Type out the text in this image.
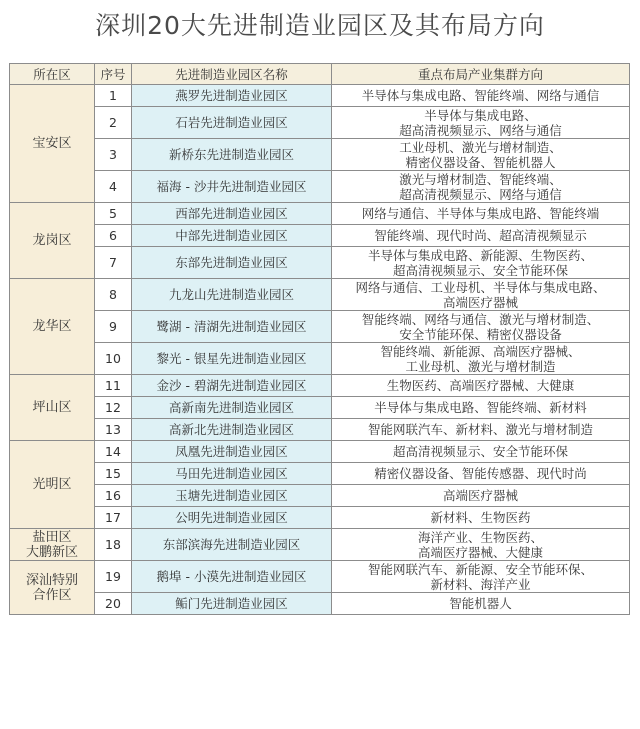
深圳20大先进制造业园区及其布局方向
所在区	序号	先进制造业园区名称	重点布局产业集群方向

宝安区	1	燕罗先进制造业园区	半导体与集成电路、智能终端、网络与通信

	2	石岩先进制造业园区	半导体与集成电路、
超高清视频显示、网络与通信

	3	新桥东先进制造业园区	工业母机、激光与增材制造、
精密仪器设备、智能机器人

	4	福海 - 沙井先进制造业园区	激光与增材制造、智能终端、
超高清视频显示、网络与通信

龙岗区	5	西部先进制造业园区	网络与通信、半导体与集成电路、智能终端

	6	中部先进制造业园区	智能终端、现代时尚、超高清视频显示

	7	东部先进制造业园区	半导体与集成电路、新能源、生物医药、
超高清视频显示、安全节能环保

龙华区	8	九龙山先进制造业园区	网络与通信、工业母机、半导体与集成电路、
高端医疗器械

	9	鹭湖 - 清湖先进制造业园区	智能终端、网络与通信、激光与增材制造、
安全节能环保、精密仪器设备

	10	黎光 - 银星先进制造业园区	智能终端、新能源、高端医疗器械、
工业母机、激光与增材制造

坪山区	11	金沙 - 碧湖先进制造业园区	生物医药、高端医疗器械、大健康

	12	高新南先进制造业园区	半导体与集成电路、智能终端、新材料

	13	高新北先进制造业园区	智能网联汽车、新材料、激光与增材制造

光明区	14	凤凰先进制造业园区	超高清视频显示、安全节能环保

	15	马田先进制造业园区	精密仪器设备、智能传感器、现代时尚

	16	玉塘先进制造业园区	高端医疗器械

	17	公明先进制造业园区	新材料、生物医药

盐田区
大鹏新区	18	东部滨海先进制造业园区	海洋产业、生物医药、
高端医疗器械、大健康

深汕特别
合作区	19	鹅埠 - 小漠先进制造业园区	智能网联汽车、新能源、安全节能环保、
新材料、海洋产业

	20	鲘门先进制造业园区	智能机器人
